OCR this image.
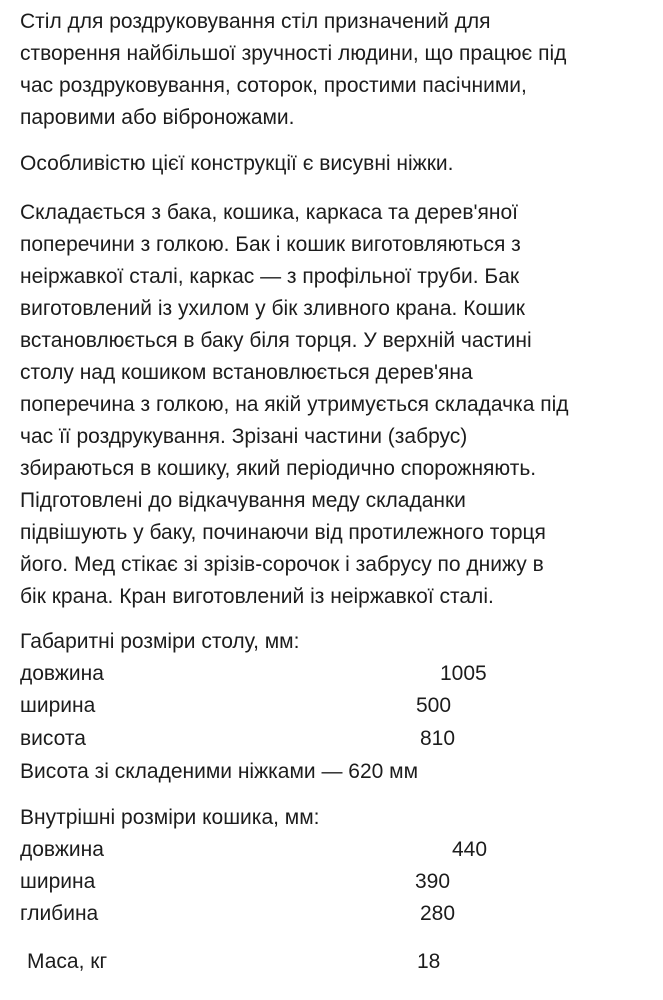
Стіл для роздруковування стіл призначений для
створення найбільшої зручності людини, що працює під
час роздруковування, соторок, простими пасічними,
паровими або віброножами.

Особливістю цієї конструкції є висувні ніжки.

Складається з бака, кошика, каркаса та дерев'яної
поперечини з голкою. Бак і кошик виготовляються з
неіржавкої сталі, каркас — з профільної труби. Бак
виготовлений із ухилом у бік зливного крана. Кошик
встановлюється в баку біля торця. У верхній частині
столу над кошиком встановлюється дерев'яна
поперечина з голкою, на якій утримується складачка під
час її роздрукування. Зрізані частини (забрус)
збираються в кошику, який періодично спорожняють.
Підготовлені до відкачування меду складанки
підвішують у баку, починаючи від протилежного торця
його. Мед стікає зі зрізів-сорочок і забрусу по днижу в
бік крана. Кран виготовлений із неіржавкої сталі.

Габаритні розміри столу, мм:
довжина	1005
ширина	500
висота	810
Висота зі складеними ніжками — 620 мм
Внутрішні розміри кошика, мм:
довжина	440
ширина	390
глибина	280
Маса, кг	18
